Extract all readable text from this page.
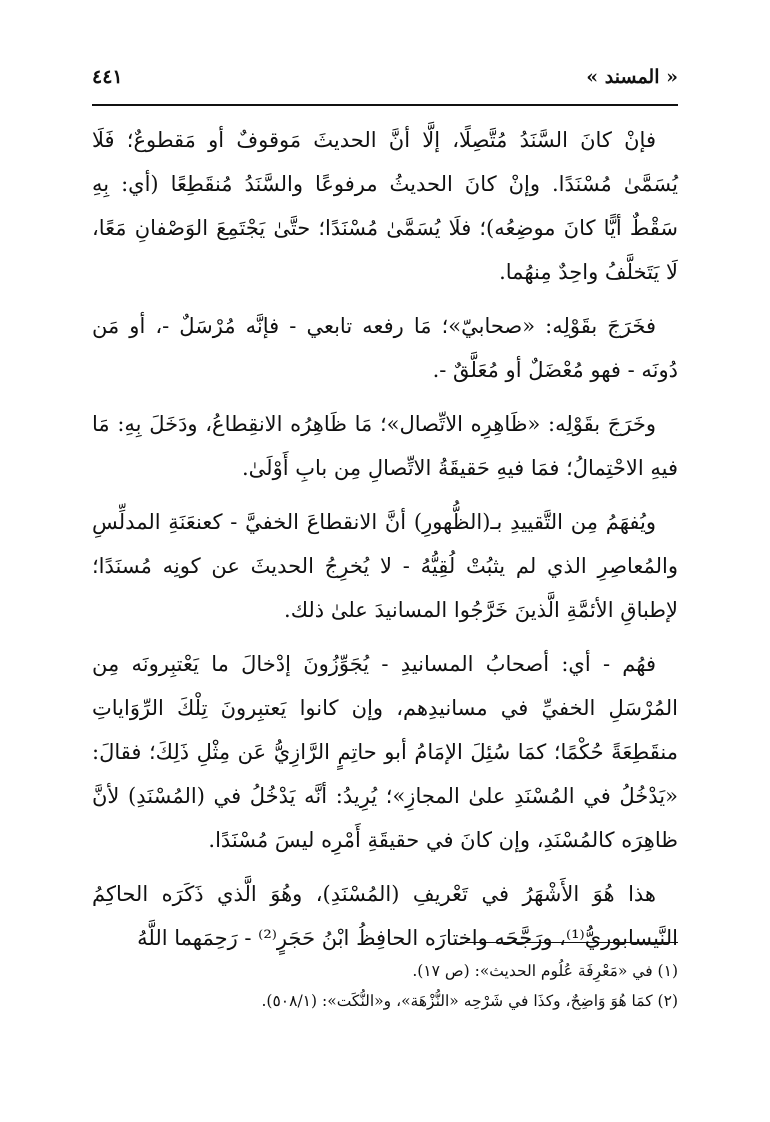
« المسند »
٤٤١

فإنْ كانَ السَّنَدُ مُتَّصِلًا، إلَّا أنَّ الحديثَ مَوقوفٌ أو مَقطوعٌ؛ فَلَا يُسَمَّىٰ مُسْنَدًا. وإنْ كانَ الحديثُ مرفوعًا والسَّنَدُ مُنقَطِعًا (أي: بِهِ سَقْطٌ أيًّا كانَ موضِعُه)؛ فلَا يُسَمَّىٰ مُسْنَدًا؛ حتَّىٰ يَجْتَمِعَ الوَصْفانِ مَعًا، لَا يَتَخلَّفُ واحِدٌ مِنهُما.

فخَرَجَ بقَوْلِه: «صحابيّ»؛ مَا رفعه تابعي - فإنَّه مُرْسَلٌ -، أو مَن دُونَه - فهو مُعْضَلٌ أو مُعَلَّقٌ -.

وخَرَجَ بقَوْلِه: «ظَاهِرِه الاتِّصال»؛ مَا ظَاهِرُه الانقِطاعُ، ودَخَلَ بِهِ: مَا فيهِ الاحْتِمالُ؛ فمَا فيهِ حَقيقَةُ الاتِّصالِ مِن بابِ أَوْلَىٰ.

ويُفهَمُ مِن التَّقييدِ بـ(الظُّهورِ) أنَّ الانقطاعَ الخفيَّ - كعنعَنَةِ المدلِّسِ والمُعاصِرِ الذي لم يثبُتْ لُقِيُّهُ - لا يُخرِجُ الحديثَ عن كونِه مُسنَدًا؛ لإطباقِ الأئمَّةِ الَّذينَ خَرَّجُوا المسانيدَ علىٰ ذلك.

فهُم - أي: أصحابُ المسانيدِ - يُجَوِّزُونَ إدْخالَ ما يَعْتبِرونَه مِن المُرْسَلِ الخفيِّ في مسانيدِهم، وإن كانوا يَعتبِرونَ تِلْكَ الرِّوَاياتِ منقَطِعَةً حُكْمًا؛ كمَا سُئِلَ الإمَامُ أبو حاتِمٍ الرَّازِيُّ عَن مِثْلِ ذَلِكَ؛ فقالَ: «يَدْخُلُ في المُسْنَدِ علىٰ المجازِ»؛ يُرِيدُ: أنَّه يَدْخُلُ في (المُسْنَدِ) لأنَّ ظاهِرَه كالمُسْنَدِ، وإن كانَ في حقيقَةِ أَمْرِه ليسَ مُسْنَدًا.

هذا هُوَ الأَشْهَرُ في تَعْريفِ (المُسْنَدِ)، وهُوَ الَّذي ذَكَرَه الحاكِمُ النَّيسابوريُّ⁽¹⁾، ورَجَّحَه واختارَه الحافِظُ ابْنُ حَجَرٍ⁽²⁾ - رَحِمَهما اللَّهُ

(١) في «مَعْرِفَة عُلُوم الحديث»: (ص ١٧).

(٢) كمَا هُوَ وَاضِحٌ، وكذَا في شَرْحِه «النُّزْهَة»، و«النُّكَت»: (٥٠٨/١).
